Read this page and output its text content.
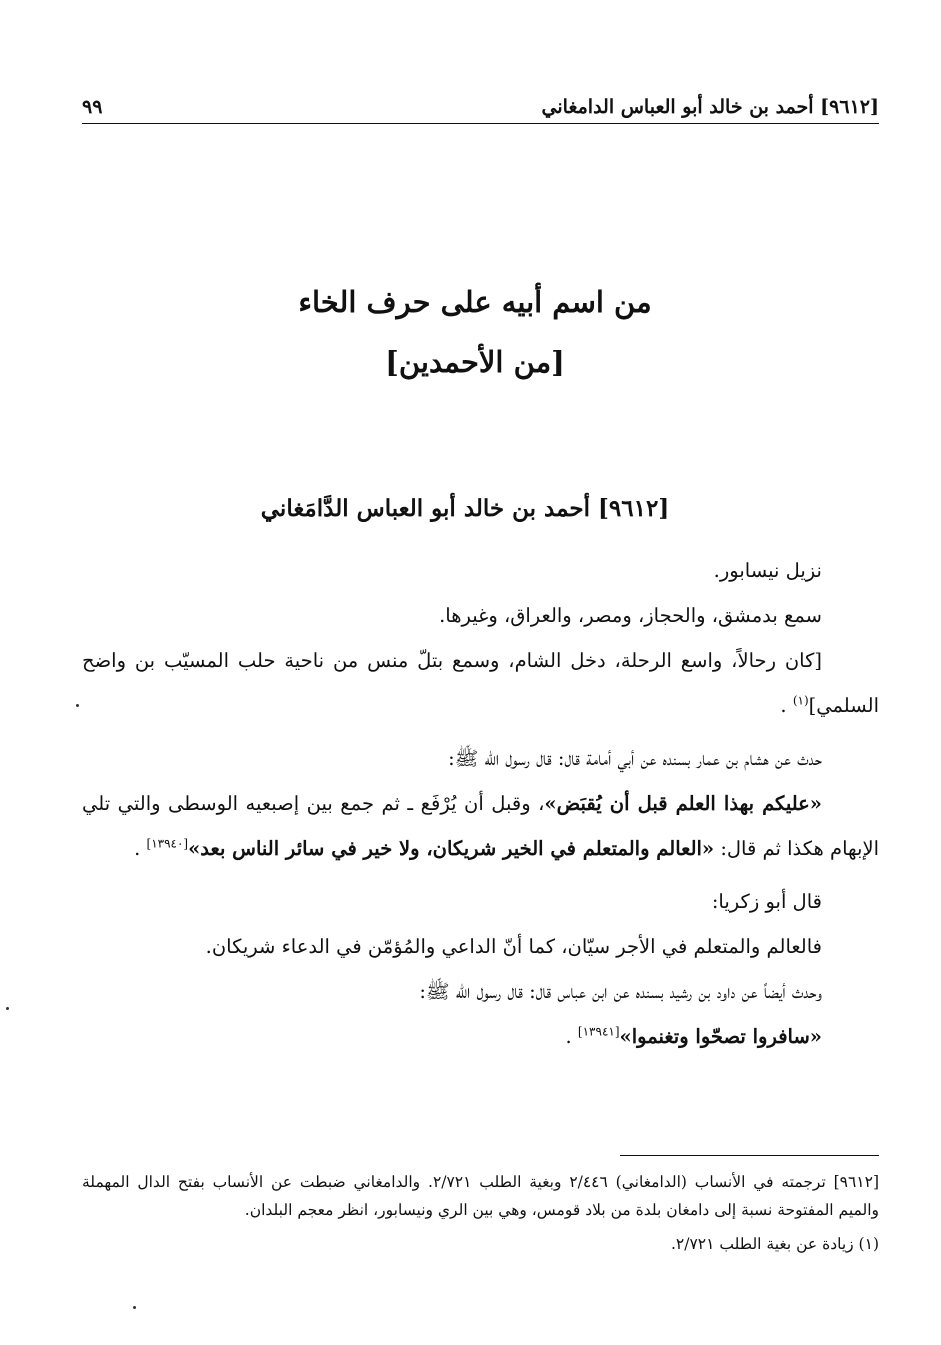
[٩٦١٢] أحمد بن خالد أبو العباس الدامغاني
٩٩
من اسم أبيه على حرف الخاء
[من الأحمدين]
[٩٦١٢] أحمد بن خالد أبو العباس الدَّامَغاني

نزيل نيسابور.

سمع بدمشق، والحجاز، ومصر، والعراق، وغيرها.

[كان رحالاً، واسع الرحلة، دخل الشام، وسمع بتلّ منس من ناحية حلب المسيّب بن واضح السلمي]$^{(١)}$ .

حدث عن هشام بن عمار بسنده عن أبي أمامة قال: قال رسول الله ﷺ:

«عليكم بهذا العلم قبل أن يُقبَض»، وقبل أن يُرْفَع ـ ثم جمع بين إصبعيه الوسطى والتي تلي الإبهام هكذا ثم قال: «العالم والمتعلم في الخير شريكان، ولا خير في سائر الناس بعد»[١٣٩٤٠] .

قال أبو زكريا:

فالعالم والمتعلم في الأجر سيّان، كما أنّ الداعي والمُؤمّن في الدعاء شريكان.

وحدث أيضاً عن داود بن رشيد بسنده عن ابن عباس قال: قال رسول الله ﷺ:

«سافروا تصحّوا وتغنموا»[١٣٩٤١] .

[٩٦١٢] ترجمته في الأنساب (الدامغاني) ٢/٤٤٦ وبغية الطلب ٢/٧٢١. والدامغاني ضبطت عن الأنساب بفتح الدال المهملة والميم المفتوحة نسبة إلى دامغان بلدة من بلاد قومس، وهي بين الري ونيسابور، انظر معجم البلدان.

(١) زيادة عن بغية الطلب ٢/٧٢١.
